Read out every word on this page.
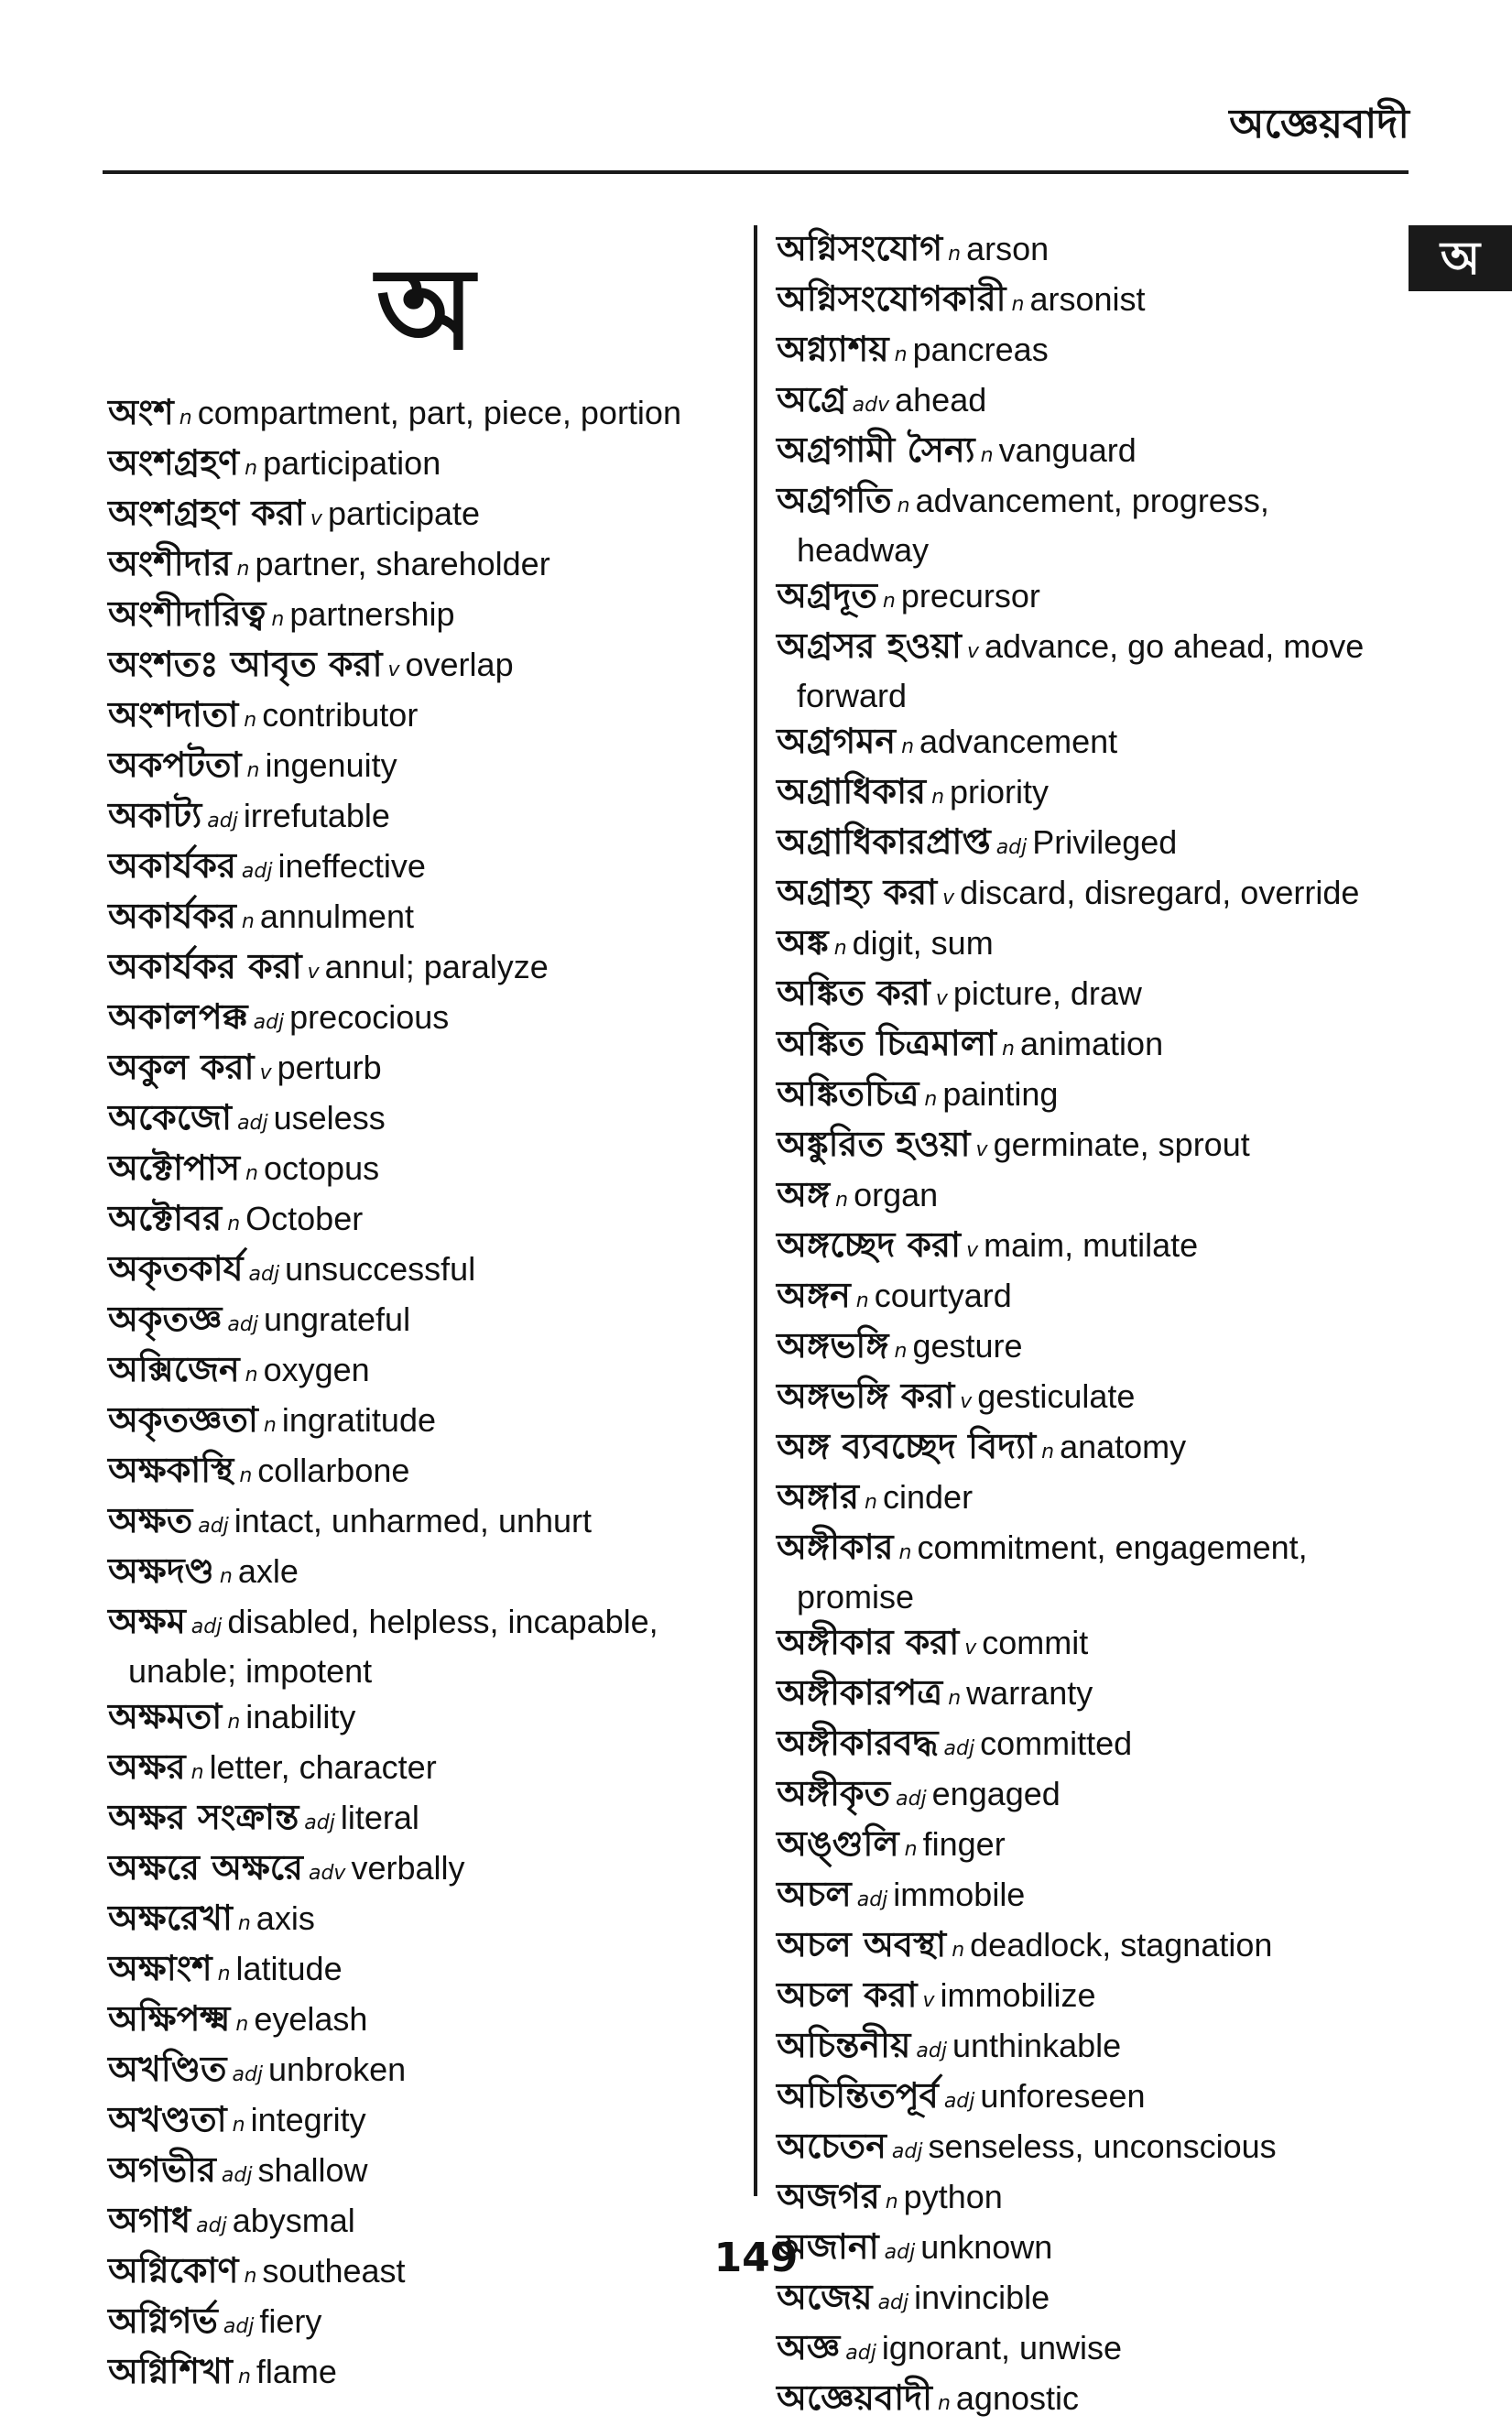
অজ্ঞেয়বাদী
অ
অ

অংশ n compartment, part, piece, portion

অংশগ্রহণ n participation

অংশগ্রহণ করা v participate

অংশীদার n partner, shareholder

অংশীদারিত্ব n partnership

অংশতঃ আবৃত করা v overlap

অংশদাতা n contributor

অকপটতা n ingenuity

অকাট্য adj irrefutable

অকার্যকর adj ineffective

অকার্যকর n annulment

অকার্যকর করা v annul; paralyze

অকালপক্ক adj precocious

অকুল করা v perturb

অকেজো adj useless

অক্টোপাস n octopus

অক্টোবর n October

অকৃতকার্য adj unsuccessful

অকৃতজ্ঞ adj ungrateful

অক্সিজেন n oxygen

অকৃতজ্ঞতা n ingratitude

অক্ষকাস্থি n collarbone

অক্ষত adj intact, unharmed, unhurt

অক্ষদণ্ড n axle

অক্ষম adj disabled, helpless, incapable, unable; impotent

অক্ষমতা n inability

অক্ষর n letter, character

অক্ষর সংক্রান্ত adj literal

অক্ষরে অক্ষরে adv verbally

অক্ষরেখা n axis

অক্ষাংশ n latitude

অক্ষিপক্ষ্ম n eyelash

অখণ্ডিত adj unbroken

অখণ্ডতা n integrity

অগভীর adj shallow

অগাধ adj abysmal

অগ্নিকোণ n southeast

অগ্নিগর্ভ adj fiery

অগ্নিশিখা n flame

অগ্নিসংযোগ n arson

অগ্নিসংযোগকারী n arsonist

অগ্ন্যাশয় n pancreas

অগ্রে adv ahead

অগ্রগামী সৈন্য n vanguard

অগ্রগতি n advancement, progress, headway

অগ্রদূত n precursor

অগ্রসর হওয়া v advance, go ahead, move forward

অগ্রগমন n advancement

অগ্রাধিকার n priority

অগ্রাধিকারপ্রাপ্ত adj Privileged

অগ্রাহ্য করা v discard, disregard, override

অঙ্ক n digit, sum

অঙ্কিত করা v picture, draw

অঙ্কিত চিত্রমালা n animation

অঙ্কিতচিত্র n painting

অঙ্কুরিত হওয়া v germinate, sprout

অঙ্গ n organ

অঙ্গচ্ছেদ করা v maim, mutilate

অঙ্গন n courtyard

অঙ্গভঙ্গি n gesture

অঙ্গভঙ্গি করা v gesticulate

অঙ্গ ব্যবচ্ছেদ বিদ্যা n anatomy

অঙ্গার n cinder

অঙ্গীকার n commitment, engagement, promise

অঙ্গীকার করা v commit

অঙ্গীকারপত্র n warranty

অঙ্গীকারবদ্ধ adj committed

অঙ্গীকৃত adj engaged

অঙ্গুলি n finger

অচল adj immobile

অচল অবস্থা n deadlock, stagnation

অচল করা v immobilize

অচিন্তনীয় adj unthinkable

অচিন্তিতপূর্ব adj unforeseen

অচেতন adj senseless, unconscious

অজগর n python

অজানা adj unknown

অজেয় adj invincible

অজ্ঞ adj ignorant, unwise

অজ্ঞেয়বাদী n agnostic

149
